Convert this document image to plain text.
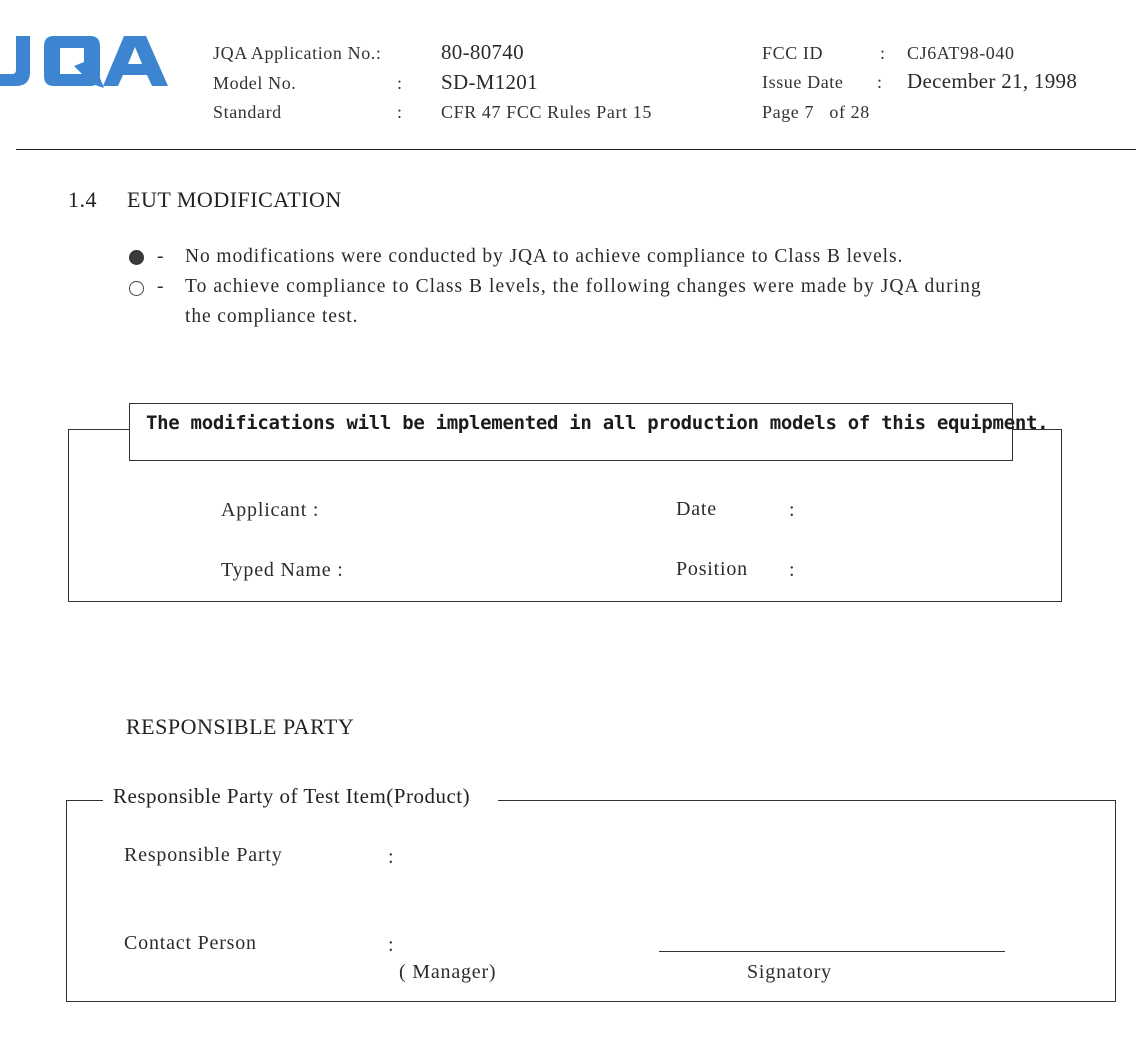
JQA
JQA Application No.:	80-80740
Model No.	: SD-M1201
Standard	: CFR 47 FCC Rules Part 15
FCC ID	: CJ6AT98-040
Issue Date : December 21, 1998
Page 7   of 28
1.4 EUT MODIFICATION
- No modifications were conducted by JQA to achieve compliance to Class B levels.
- To achieve compliance to Class B levels, the following changes were made by JQA during
the compliance test.
The modifications will be implemented in all production models of this equipment.
Applicant :	Date	:
Typed Name :	Position :
RESPONSIBLE PARTY
Responsible Party of Test Item(Product)
Responsible Party	:
Contact Person	:
( Manager)	Signatory
